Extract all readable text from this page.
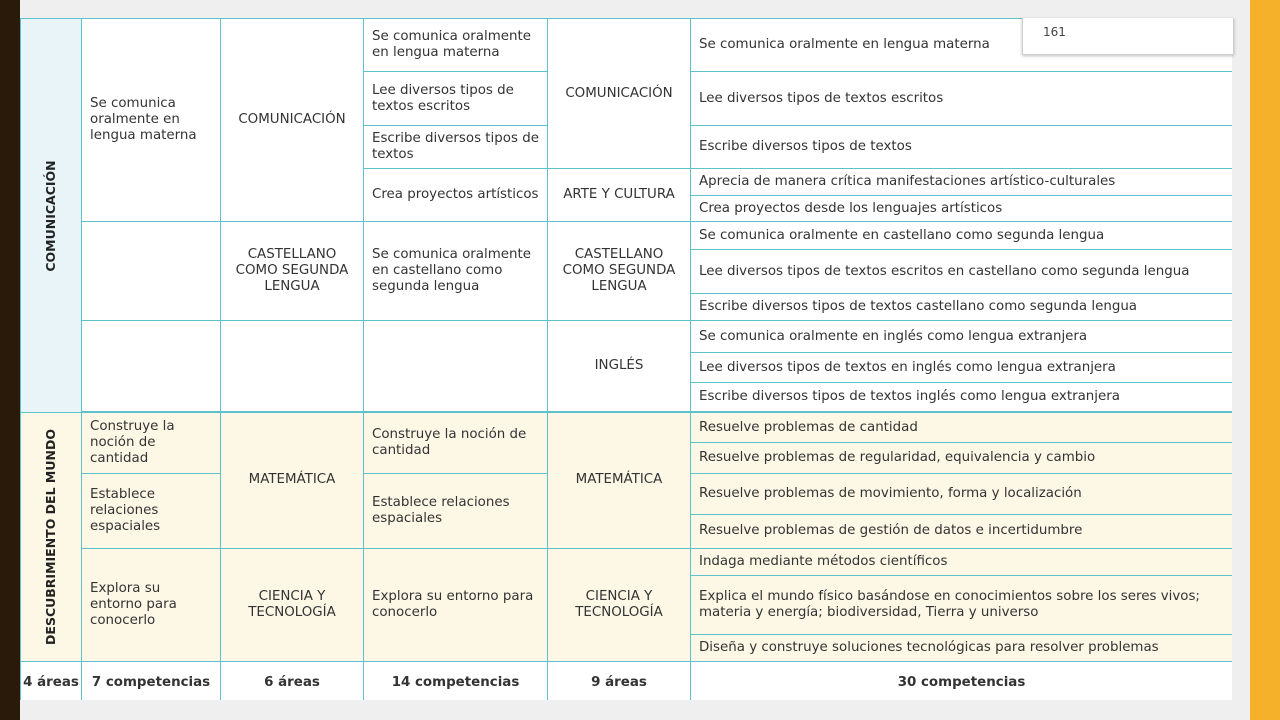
161
COMUNICACIÓN	Se comunica oralmente en lengua materna	COMUNICACIÓN	Se comunica oralmente en lengua materna	COMUNICACIÓN	Se comunica oralmente en lengua materna
			Lee diversos tipos de textos escritos		Lee diversos tipos de textos escritos
			Escribe diversos tipos de textos		Escribe diversos tipos de textos
			Crea proyectos artísticos	ARTE Y CULTURA	Aprecia de manera crítica manifestaciones artístico-culturales
					Crea proyectos desde los lenguajes artísticos
		CASTELLANO COMO SEGUNDA LENGUA	Se comunica oralmente en castellano como segunda lengua	CASTELLANO COMO SEGUNDA LENGUA	Se comunica oralmente en castellano como segunda lengua
					Lee diversos tipos de textos escritos en castellano como segunda lengua
					Escribe diversos tipos de textos castellano como segunda lengua
				INGLÉS	Se comunica oralmente en inglés como lengua extranjera
					Lee diversos tipos de textos en inglés como lengua extranjera
					Escribe diversos tipos de textos inglés como lengua extranjera

DESCUBRIMIENTO DEL MUNDO	Construye la noción de cantidad	MATEMÁTICA	Construye la noción de cantidad	MATEMÁTICA	Resuelve problemas de cantidad
					Resuelve problemas de regularidad, equivalencia y cambio
	Establece relaciones espaciales		Establece relaciones espaciales		Resuelve problemas de movimiento, forma y localización
					Resuelve problemas de gestión de datos e incertidumbre
	Explora su entorno para conocerlo	CIENCIA Y TECNOLOGÍA	Explora su entorno para conocerlo	CIENCIA Y TECNOLOGÍA	Indaga mediante métodos científicos
					Explica el mundo físico basándose en conocimientos sobre los seres vivos; materia y energía; biodiversidad, Tierra y universo
					Diseña y construye soluciones tecnológicas para resolver problemas
4 áreas	7 competencias	6 áreas	14 competencias	9 áreas	30 competencias
